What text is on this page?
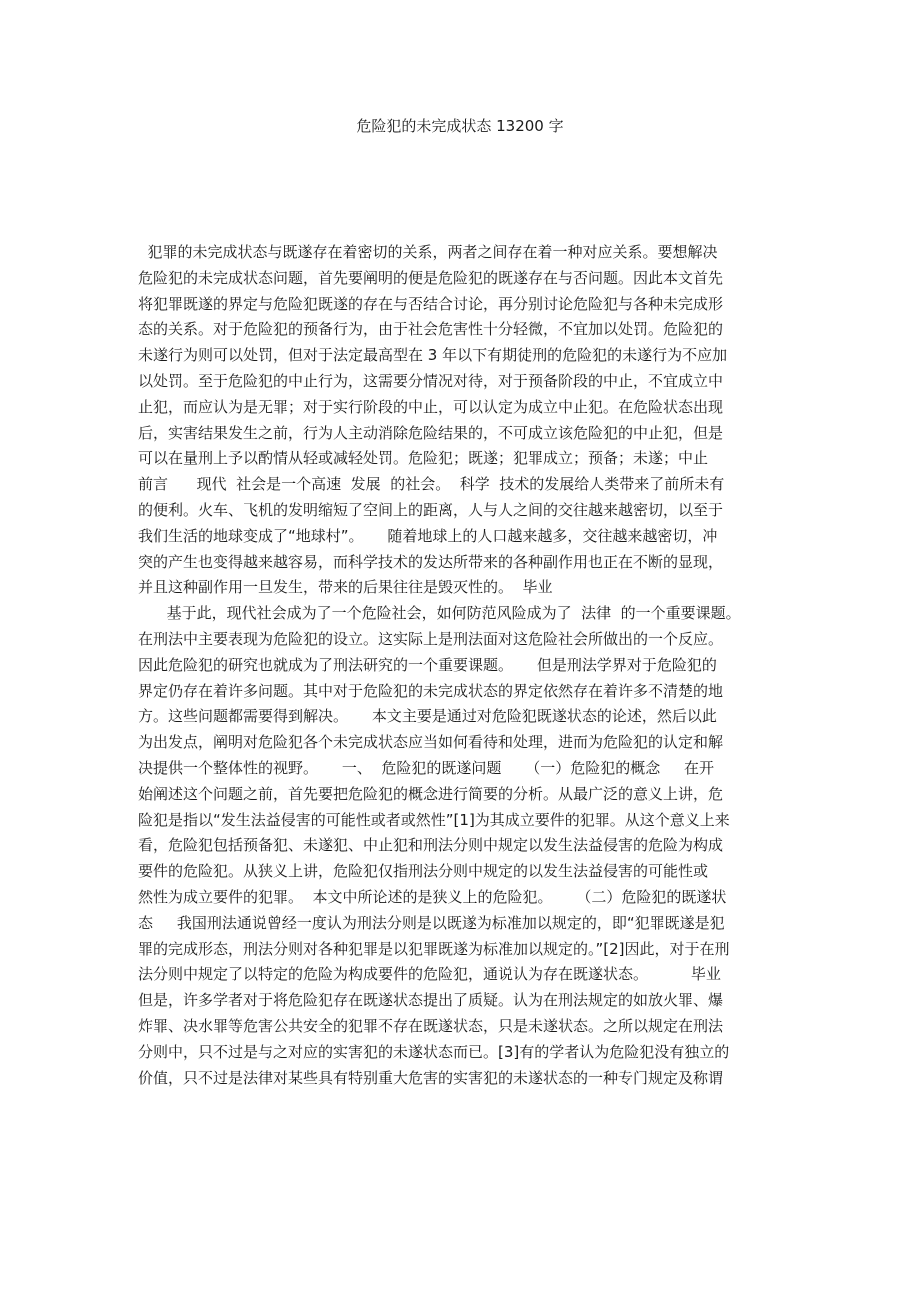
危险犯的未完成状态 13200 字
犯罪的未完成状态与既遂存在着密切的关系，两者之间存在着一种对应关系。要想解决
危险犯的未完成状态问题，首先要阐明的便是危险犯的既遂存在与否问题。因此本文首先
将犯罪既遂的界定与危险犯既遂的存在与否结合讨论，再分别讨论危险犯与各种未完成形
态的关系。对于危险犯的预备行为，由于社会危害性十分轻微，不宜加以处罚。危险犯的
未遂行为则可以处罚，但对于法定最高型在 3 年以下有期徒刑的危险犯的未遂行为不应加
以处罚。至于危险犯的中止行为，这需要分情况对待，对于预备阶段的中止，不宜成立中
止犯，而应认为是无罪；对于实行阶段的中止，可以认定为成立中止犯。在危险状态出现
后，实害结果发生之前，行为人主动消除危险结果的，不可成立该危险犯的中止犯，但是
可以在量刑上予以酌情从轻或减轻处罚。危险犯；既遂；犯罪成立；预备；未遂；中止
前言      现代  社会是一个高速  发展  的社会。  科学  技术的发展给人类带来了前所未有
的便利。火车、飞机的发明缩短了空间上的距离，人与人之间的交往越来越密切，以至于
我们生活的地球变成了“地球村”。     随着地球上的人口越来越多，交往越来越密切，冲
突的产生也变得越来越容易，而科学技术的发达所带来的各种副作用也正在不断的显现，
并且这种副作用一旦发生，带来的后果往往是毁灭性的。  毕业
基于此，现代社会成为了一个危险社会，如何防范风险成为了  法律  的一个重要课题。
在刑法中主要表现为危险犯的设立。这实际上是刑法面对这危险社会所做出的一个反应。
因此危险犯的研究也就成为了刑法研究的一个重要课题。     但是刑法学界对于危险犯的
界定仍存在着许多问题。其中对于危险犯的未完成状态的界定依然存在着许多不清楚的地
方。这些问题都需要得到解决。     本文主要是通过对危险犯既遂状态的论述，然后以此
为出发点，阐明对危险犯各个未完成状态应当如何看待和处理，进而为危险犯的认定和解
决提供一个整体性的视野。     一、  危险犯的既遂问题     （一）危险犯的概念     在开
始阐述这个问题之前，首先要把危险犯的概念进行简要的分析。从最广泛的意义上讲，危
险犯是指以“发生法益侵害的可能性或者或然性”[1]为其成立要件的犯罪。从这个意义上来
看，危险犯包括预备犯、未遂犯、中止犯和刑法分则中规定以发生法益侵害的危险为构成
要件的危险犯。从狭义上讲，危险犯仅指刑法分则中规定的以发生法益侵害的可能性或
然性为成立要件的犯罪。  本文中所论述的是狭义上的危险犯。     （二）危险犯的既遂状
态     我国刑法通说曾经一度认为刑法分则是以既遂为标准加以规定的，即“犯罪既遂是犯
罪的完成形态，刑法分则对各种犯罪是以犯罪既遂为标准加以规定的。”[2]因此，对于在刑
法分则中规定了以特定的危险为构成要件的危险犯，通说认为存在既遂状态。         毕业
但是，许多学者对于将危险犯存在既遂状态提出了质疑。认为在刑法规定的如放火罪、爆
炸罪、决水罪等危害公共安全的犯罪不存在既遂状态，只是未遂状态。之所以规定在刑法
分则中，只不过是与之对应的实害犯的未遂状态而已。[3]有的学者认为危险犯没有独立的
价值，只不过是法律对某些具有特别重大危害的实害犯的未遂状态的一种专门规定及称谓
